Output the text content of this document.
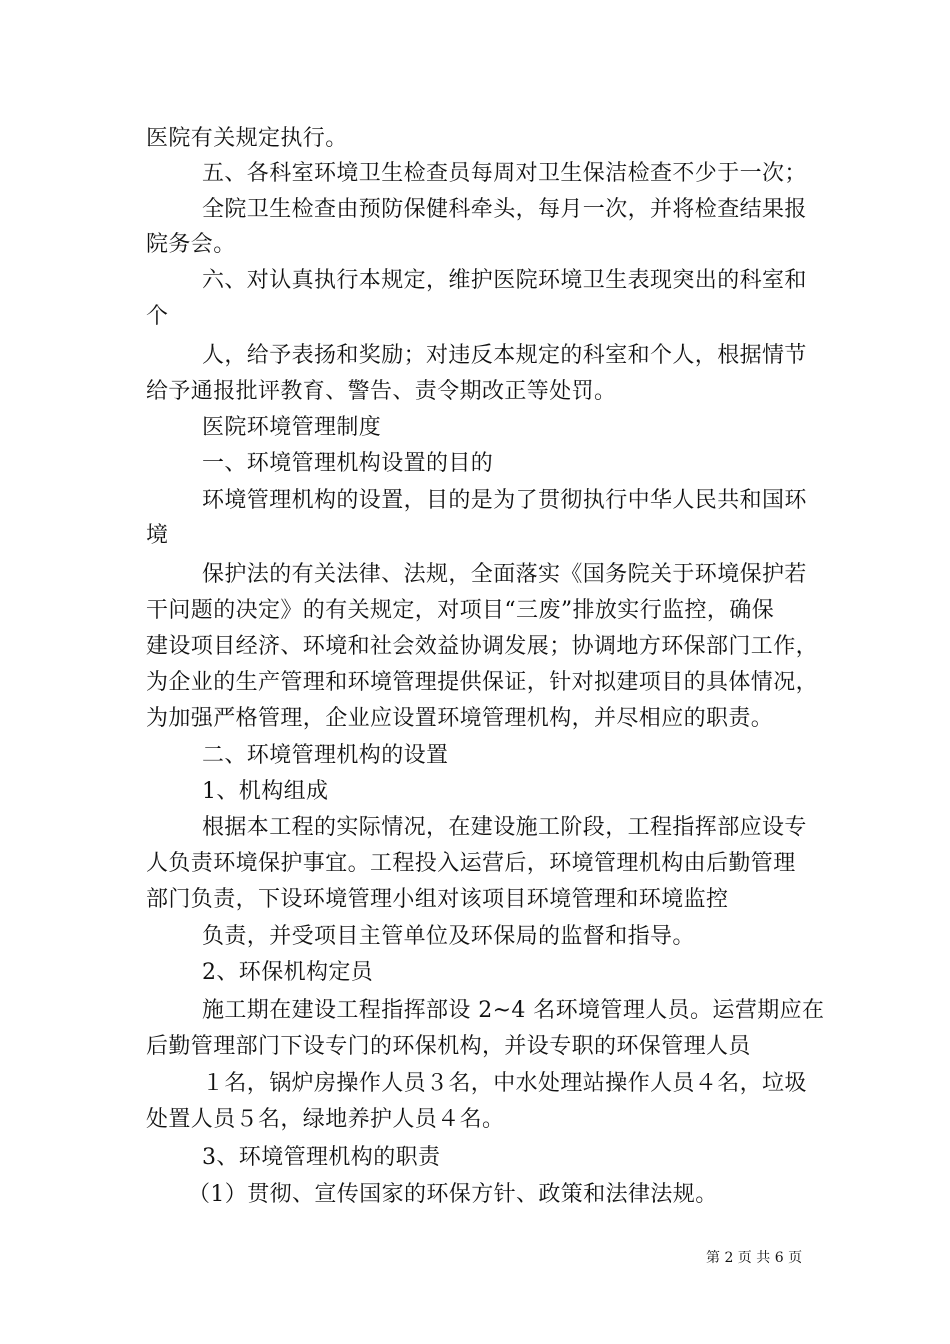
医院有关规定执行。
五、各科室环境卫生检查员每周对卫生保洁检查不少于一次；
全院卫生检查由预防保健科牵头，每月一次，并将检查结果报
院务会。
六、对认真执行本规定，维护医院环境卫生表现突出的科室和
个
人，给予表扬和奖励；对违反本规定的科室和个人，根据情节
给予通报批评教育、警告、责令期改正等处罚。
医院环境管理制度
一、环境管理机构设置的目的
环境管理机构的设置，目的是为了贯彻执行中华人民共和国环
境
保护法的有关法律、法规，全面落实《国务院关于环境保护若
干问题的决定》的有关规定，对项目“三废”排放实行监控，确保
建设项目经济、环境和社会效益协调发展；协调地方环保部门工作，
为企业的生产管理和环境管理提供保证，针对拟建项目的具体情况，
为加强严格管理，企业应设置环境管理机构，并尽相应的职责。
二、环境管理机构的设置
1、机构组成
根据本工程的实际情况，在建设施工阶段，工程指挥部应设专
人负责环境保护事宜。工程投入运营后，环境管理机构由后勤管理
部门负责，下设环境管理小组对该项目环境管理和环境监控
负责，并受项目主管单位及环保局的监督和指导。
2、环保机构定员
施工期在建设工程指挥部设 2~4 名环境管理人员。运营期应在
后勤管理部门下设专门的环保机构，并设专职的环保管理人员
１名，锅炉房操作人员３名，中水处理站操作人员４名，垃圾
处置人员５名，绿地养护人员４名。
3、环境管理机构的职责
（1）贯彻、宣传国家的环保方针、政策和法律法规。
第 2 页 共 6 页
